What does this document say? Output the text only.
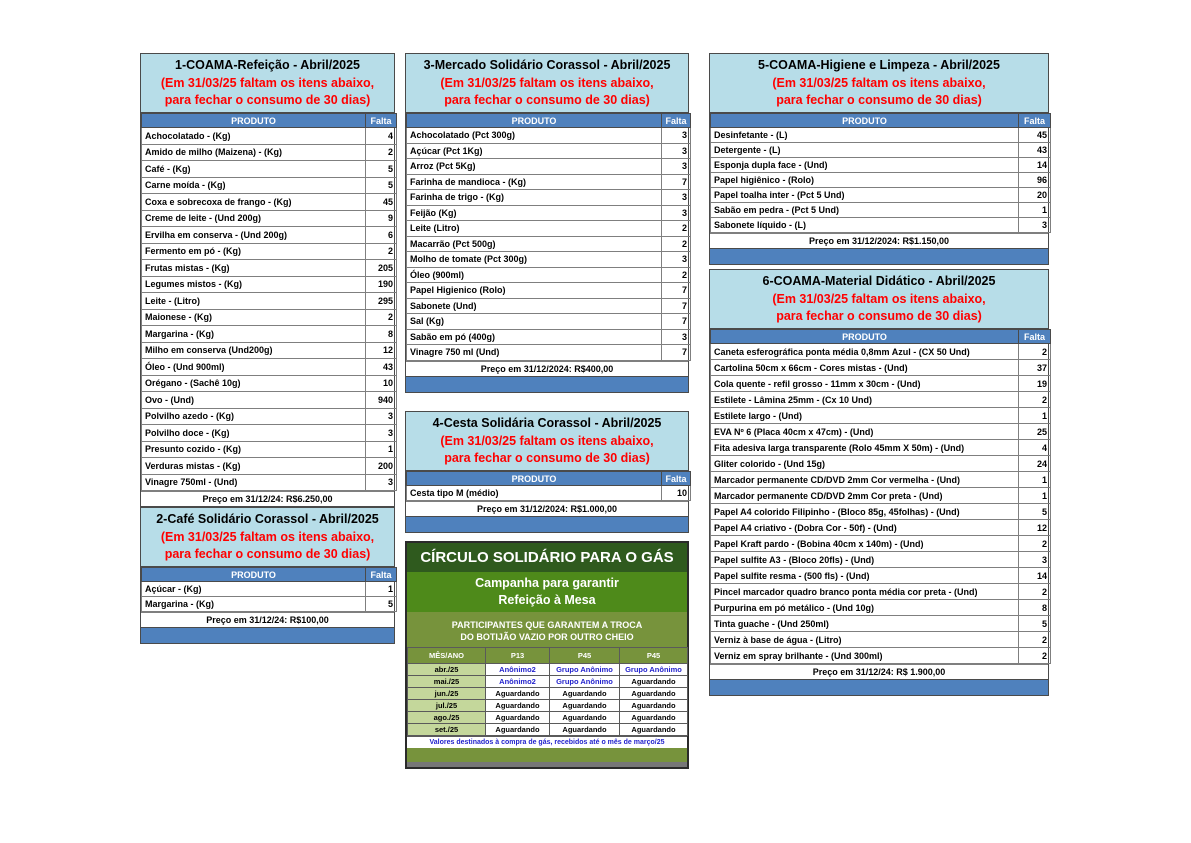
1-COAMA-Refeição - Abril/2025
(Em 31/03/25 faltam os itens abaixo,
para fechar o consumo de 30 dias)
PRODUTO	Falta
Achocolatado - (Kg)	4
Amido de milho (Maizena) - (Kg)	2
Café - (Kg)	5
Carne moída - (Kg)	5
Coxa e sobrecoxa de frango - (Kg)	45
Creme de leite - (Und 200g)	9
Ervilha em conserva - (Und 200g)	6
Fermento em pó - (Kg)	2
Frutas mistas - (Kg)	205
Legumes mistos - (Kg)	190
Leite - (Litro)	295
Maionese - (Kg)	2
Margarina - (Kg)	8
Milho em conserva (Und200g)	12
Óleo - (Und 900ml)	43
Orégano - (Sachê 10g)	10
Ovo - (Und)	940
Polvilho azedo - (Kg)	3
Polvilho doce - (Kg)	3
Presunto cozido - (Kg)	1
Verduras mistas - (Kg)	200
Vinagre 750ml - (Und)	3
Preço em 31/12/24: R$6.250,00
2-Café Solidário Corassol - Abril/2025
(Em 31/03/25 faltam os itens abaixo,
para fechar o consumo de 30 dias)
PRODUTO	Falta
Açúcar - (Kg)	1
Margarina - (Kg)	5
Preço em 31/12/24: R$100,00
3-Mercado Solidário Corassol - Abril/2025
(Em 31/03/25 faltam os itens abaixo,
para fechar o consumo de 30 dias)
PRODUTO	Falta
Achocolatado (Pct 300g)	3
Açúcar (Pct 1Kg)	3
Arroz (Pct 5Kg)	3
Farinha de mandioca - (Kg)	7
Farinha de trigo - (Kg)	3
Feijão (Kg)	3
Leite (Litro)	2
Macarrão (Pct 500g)	2
Molho de tomate (Pct 300g)	3
Óleo (900ml)	2
Papel Higienico (Rolo)	7
Sabonete (Und)	7
Sal (Kg)	7
Sabão em pó (400g)	3
Vinagre 750 ml (Und)	7
Preço em 31/12/2024: R$400,00
4-Cesta Solidária Corassol - Abril/2025
(Em 31/03/25 faltam os itens abaixo,
para fechar o consumo de 30 dias)
PRODUTO	Falta
Cesta tipo M (médio)	10
Preço em 31/12/2024: R$1.000,00
5-COAMA-Higiene e Limpeza - Abril/2025
(Em 31/03/25 faltam os itens abaixo,
para fechar o consumo de 30 dias)
PRODUTO	Falta
Desinfetante - (L)	45
Detergente - (L)	43
Esponja dupla face - (Und)	14
Papel higiênico - (Rolo)	96
Papel toalha inter - (Pct 5 Und)	20
Sabão em pedra - (Pct 5 Und)	1
Sabonete líquido - (L)	3
Preço em 31/12/2024: R$1.150,00
6-COAMA-Material Didático - Abril/2025
(Em 31/03/25 faltam os itens abaixo,
para fechar o consumo de 30 dias)
PRODUTO	Falta
Caneta esferográfica ponta média 0,8mm Azul - (CX 50 Und)	2
Cartolina 50cm x 66cm - Cores mistas - (Und)	37
Cola quente - refil grosso - 11mm x 30cm - (Und)	19
Estilete - Lâmina 25mm - (Cx 10 Und)	2
Estilete largo - (Und)	1
EVA Nº 6 (Placa 40cm x 47cm) - (Und)	25
Fita adesiva larga transparente (Rolo 45mm X 50m) - (Und)	4
Gliter colorido - (Und 15g)	24
Marcador permanente CD/DVD 2mm Cor vermelha - (Und)	1
Marcador permanente CD/DVD 2mm Cor preta - (Und)	1
Papel A4 colorido Filipinho - (Bloco 85g, 45folhas) - (Und)	5
Papel A4 criativo - (Dobra Cor - 50f) - (Und)	12
Papel Kraft pardo - (Bobina 40cm x 140m) - (Und)	2
Papel sulfite A3 - (Bloco 20fls) - (Und)	3
Papel sulfite resma - (500 fls) - (Und)	14
Pincel marcador quadro branco ponta média cor preta - (Und)	2
Purpurina em pó metálico - (Und 10g)	8
Tinta guache - (Und 250ml)	5
Verniz à base de água - (Litro)	2
Verniz em spray brilhante - (Und 300ml)	2
Preço em 31/12/24: R$ 1.900,00
CÍRCULO SOLIDÁRIO PARA O GÁS
Campanha para garantir
Refeição à Mesa
PARTICIPANTES QUE GARANTEM A TROCA
DO BOTIJÃO VAZIO POR OUTRO CHEIO
MÊS/ANO	P13	P45	P45
abr./25	Anônimo2	Grupo Anônimo	Grupo Anônimo
mai./25	Anônimo2	Grupo Anônimo	Aguardando
jun./25	Aguardando	Aguardando	Aguardando
jul./25	Aguardando	Aguardando	Aguardando
ago./25	Aguardando	Aguardando	Aguardando
set./25	Aguardando	Aguardando	Aguardando
Valores destinados à compra de gás, recebidos até o mês de março/25
